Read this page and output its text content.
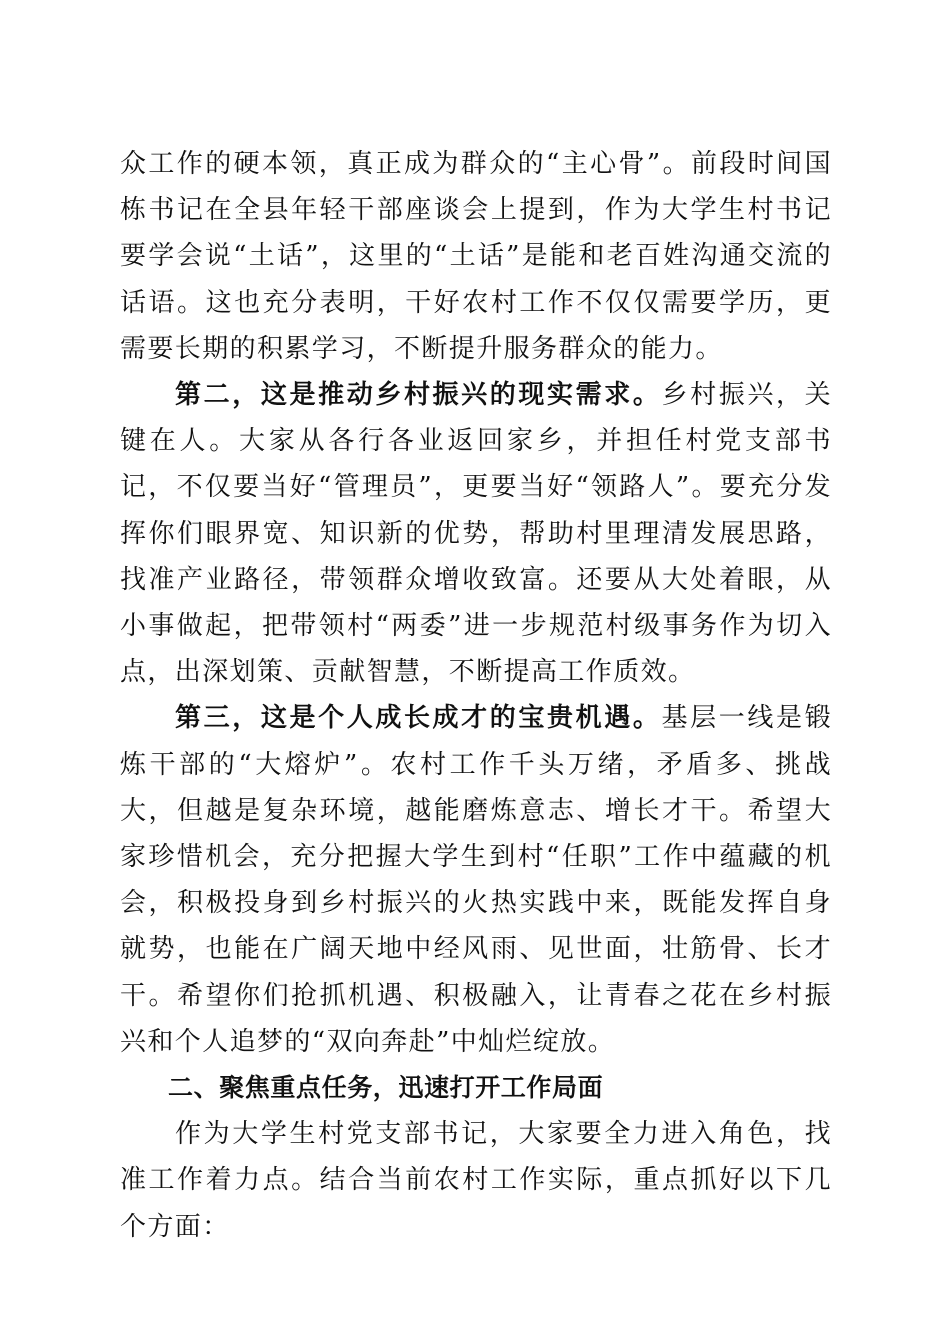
众工作的硬本领，真正成为群众的“主心骨”。前段时间国栋书记在全县年轻干部座谈会上提到，作为大学生村书记要学会说“土话”，这里的“土话”是能和老百姓沟通交流的话语。这也充分表明，干好农村工作不仅仅需要学历，更需要长期的积累学习，不断提升服务群众的能力。

第二，这是推动乡村振兴的现实需求。乡村振兴，关键在人。大家从各行各业返回家乡，并担任村党支部书记，不仅要当好“管理员”，更要当好“领路人”。要充分发挥你们眼界宽、知识新的优势，帮助村里理清发展思路，找准产业路径，带领群众增收致富。还要从大处着眼，从小事做起，把带领村“两委”进一步规范村级事务作为切入点，出深划策、贡献智慧，不断提高工作质效。

第三，这是个人成长成才的宝贵机遇。基层一线是锻炼干部的“大熔炉”。农村工作千头万绪，矛盾多、挑战大，但越是复杂环境，越能磨炼意志、增长才干。希望大家珍惜机会，充分把握大学生到村“任职”工作中蕴藏的机会，积极投身到乡村振兴的火热实践中来，既能发挥自身就势，也能在广阔天地中经风雨、见世面，壮筋骨、长才干。希望你们抢抓机遇、积极融入，让青春之花在乡村振兴和个人追梦的“双向奔赴”中灿烂绽放。

二、聚焦重点任务，迅速打开工作局面

作为大学生村党支部书记，大家要全力进入角色，找准工作着力点。结合当前农村工作实际，重点抓好以下几个方面：
